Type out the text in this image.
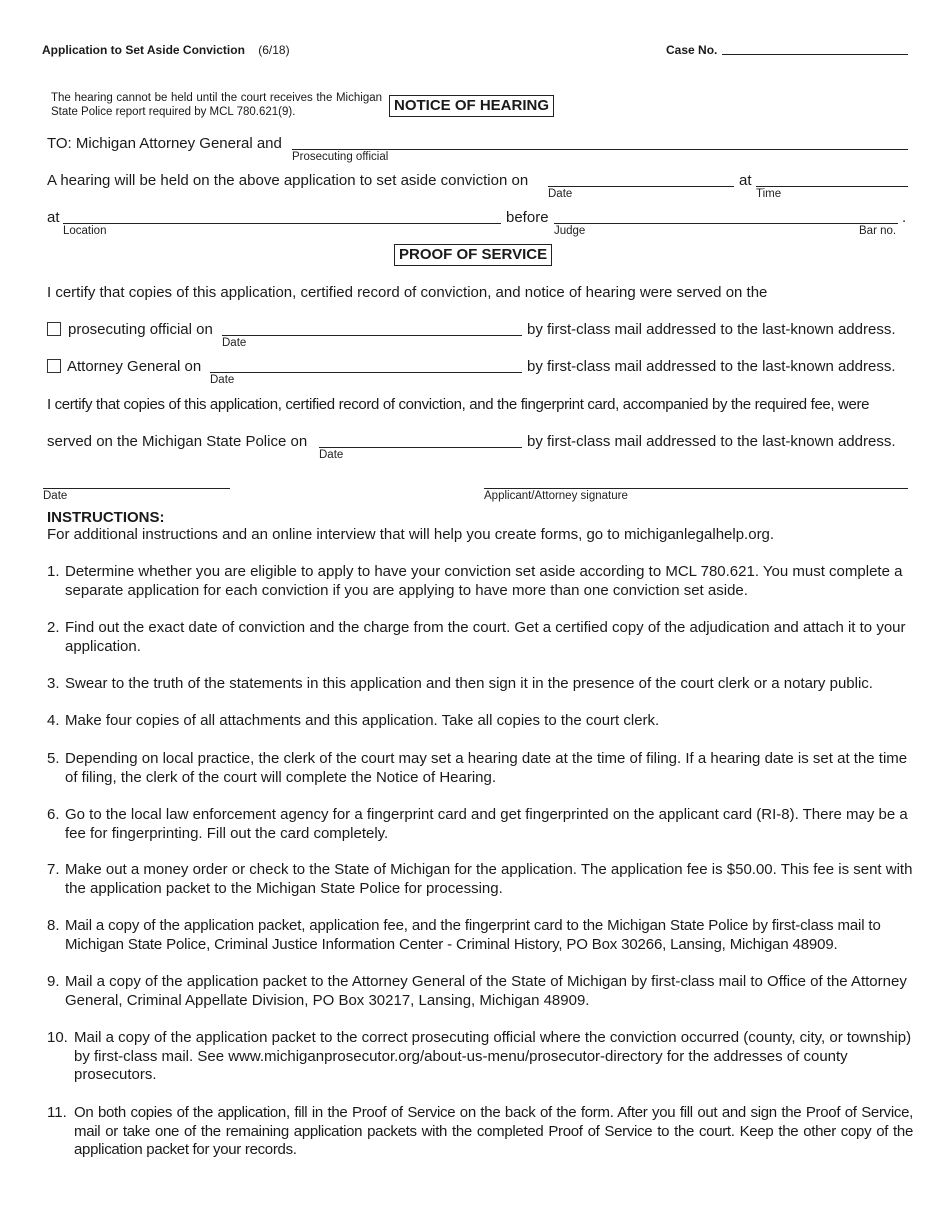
Application to Set Aside Conviction (6/18)	Case No.
The hearing cannot be held until the court receives the Michigan State Police report required by MCL 780.621(9).	NOTICE OF HEARING
TO: Michigan Attorney General and
Prosecuting official
A hearing will be held on the above application to set aside conviction on
Date
at
Time
at
Location
before
Judge	Bar no.
.
PROOF OF SERVICE
I certify that copies of this application, certified record of conviction, and notice of hearing were served on the
prosecuting official on
Date
by first-class mail addressed to the last-known address.
Attorney General on
Date
by first-class mail addressed to the last-known address.
I certify that copies of this application, certified record of conviction, and the fingerprint card, accompanied by the required fee, were
served on the Michigan State Police on
Date
by first-class mail addressed to the last-known address.
Date	Applicant/Attorney signature
INSTRUCTIONS:
For additional instructions and an online interview that will help you create forms, go to michiganlegalhelp.org.
1. Determine whether you are eligible to apply to have your conviction set aside according to MCL 780.621. You must complete a separate application for each conviction if you are applying to have more than one conviction set aside.
2. Find out the exact date of conviction and the charge from the court. Get a certified copy of the adjudication and attach it to your application.
3. Swear to the truth of the statements in this application and then sign it in the presence of the court clerk or a notary public.
4. Make four copies of all attachments and this application. Take all copies to the court clerk.
5. Depending on local practice, the clerk of the court may set a hearing date at the time of filing. If a hearing date is set at the time of filing, the clerk of the court will complete the Notice of Hearing.
6. Go to the local law enforcement agency for a fingerprint card and get fingerprinted on the applicant card (RI-8). There may be a fee for fingerprinting. Fill out the card completely.
7. Make out a money order or check to the State of Michigan for the application. The application fee is $50.00. This fee is sent with the application packet to the Michigan State Police for processing.
8. Mail a copy of the application packet, application fee, and the fingerprint card to the Michigan State Police by first-class mail to Michigan State Police, Criminal Justice Information Center - Criminal History, PO Box 30266, Lansing, Michigan 48909.
9. Mail a copy of the application packet to the Attorney General of the State of Michigan by first-class mail to Office of the Attorney General, Criminal Appellate Division, PO Box 30217, Lansing, Michigan 48909.
10. Mail a copy of the application packet to the correct prosecuting official where the conviction occurred (county, city, or township) by first-class mail. See www.michiganprosecutor.org/about-us-menu/prosecutor-directory for the addresses of county prosecutors.
11. On both copies of the application, fill in the Proof of Service on the back of the form. After you fill out and sign the Proof of Service, mail or take one of the remaining application packets with the completed Proof of Service to the court. Keep the other copy of the application packet for your records.
